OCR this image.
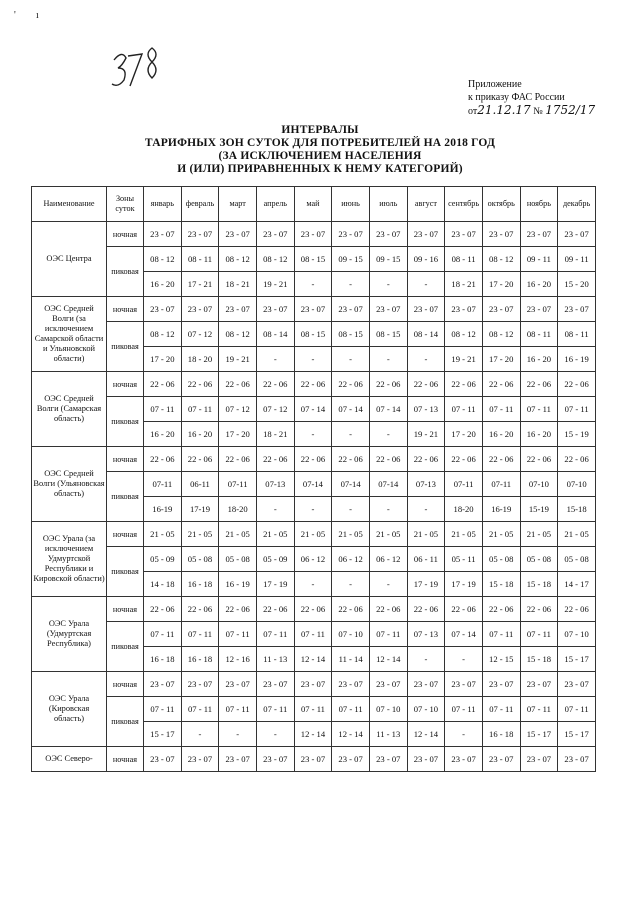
' ı
Приложение
к приказу ФАС России
от21.12.17 № 1752/17
ИНТЕРВАЛЫ
ТАРИФНЫХ ЗОН СУТОК ДЛЯ ПОТРЕБИТЕЛЕЙ НА 2018 ГОД
(ЗА ИСКЛЮЧЕНИЕМ НАСЕЛЕНИЯ
И (ИЛИ) ПРИРАВНЕННЫХ К НЕМУ КАТЕГОРИЙ)
Наименование	Зоны суток	январь	февраль	март	апрель	май	июнь	июль	август	сентябрь	октябрь	ноябрь	декабрь
ОЭС Центра	ночная	23 - 07	23 - 07	23 - 07	23 - 07	23 - 07	23 - 07	23 - 07	23 - 07	23 - 07	23 - 07	23 - 07	23 - 07
	пиковая	08 - 12	08 - 11	08 - 12	08 - 12	08 - 15	09 - 15	09 - 15	09 - 16	08 - 11	08 - 12	09 - 11	09 - 11
		16 - 20	17 - 21	18 - 21	19 - 21	-	-	-	-	18 - 21	17 - 20	16 - 20	15 - 20
ОЭС Средней Волги (за исключением Самарской области и Ульяновской области)	ночная	23 - 07	23 - 07	23 - 07	23 - 07	23 - 07	23 - 07	23 - 07	23 - 07	23 - 07	23 - 07	23 - 07	23 - 07
	пиковая	08 - 12	07 - 12	08 - 12	08 - 14	08 - 15	08 - 15	08 - 15	08 - 14	08 - 12	08 - 12	08 - 11	08 - 11
		17 - 20	18 - 20	19 - 21	-	-	-	-	-	19 - 21	17 - 20	16 - 20	16 - 19
ОЭС Средней Волги (Самарская область)	ночная	22 - 06	22 - 06	22 - 06	22 - 06	22 - 06	22 - 06	22 - 06	22 - 06	22 - 06	22 - 06	22 - 06	22 - 06
	пиковая	07 - 11	07 - 11	07 - 12	07 - 12	07 - 14	07 - 14	07 - 14	07 - 13	07 - 11	07 - 11	07 - 11	07 - 11
		16 - 20	16 - 20	17 - 20	18 - 21	-	-	-	19 - 21	17 - 20	16 - 20	16 - 20	15 - 19
ОЭС Средней Волги (Ульяновская область)	ночная	22 - 06	22 - 06	22 - 06	22 - 06	22 - 06	22 - 06	22 - 06	22 - 06	22 - 06	22 - 06	22 - 06	22 - 06
	пиковая	07-11	06-11	07-11	07-13	07-14	07-14	07-14	07-13	07-11	07-11	07-10	07-10
		16-19	17-19	18-20	-	-	-	-	-	18-20	16-19	15-19	15-18
ОЭС Урала (за исключением Удмуртской Республики и Кировской области)	ночная	21 - 05	21 - 05	21 - 05	21 - 05	21 - 05	21 - 05	21 - 05	21 - 05	21 - 05	21 - 05	21 - 05	21 - 05
	пиковая	05 - 09	05 - 08	05 - 08	05 - 09	06 - 12	06 - 12	06 - 12	06 - 11	05 - 11	05 - 08	05 - 08	05 - 08
		14 - 18	16 - 18	16 - 19	17 - 19	-	-	-	17 - 19	17 - 19	15 - 18	15 - 18	14 - 17
ОЭС Урала (Удмуртская Республика)	ночная	22 - 06	22 - 06	22 - 06	22 - 06	22 - 06	22 - 06	22 - 06	22 - 06	22 - 06	22 - 06	22 - 06	22 - 06
	пиковая	07 - 11	07 - 11	07 - 11	07 - 11	07 - 11	07 - 10	07 - 11	07 - 13	07 - 14	07 - 11	07 - 11	07 - 10
		16 - 18	16 - 18	12 - 16	11 - 13	12 - 14	11 - 14	12 - 14	-	-	12 - 15	15 - 18	15 - 17
ОЭС Урала (Кировская область)	ночная	23 - 07	23 - 07	23 - 07	23 - 07	23 - 07	23 - 07	23 - 07	23 - 07	23 - 07	23 - 07	23 - 07	23 - 07
	пиковая	07 - 11	07 - 11	07 - 11	07 - 11	07 - 11	07 - 11	07 - 10	07 - 10	07 - 11	07 - 11	07 - 11	07 - 11
		15 - 17	-	-	-	12 - 14	12 - 14	11 - 13	12 - 14	-	16 - 18	15 - 17	15 - 17
ОЭС Северо-	ночная	23 - 07	23 - 07	23 - 07	23 - 07	23 - 07	23 - 07	23 - 07	23 - 07	23 - 07	23 - 07	23 - 07	23 - 07
